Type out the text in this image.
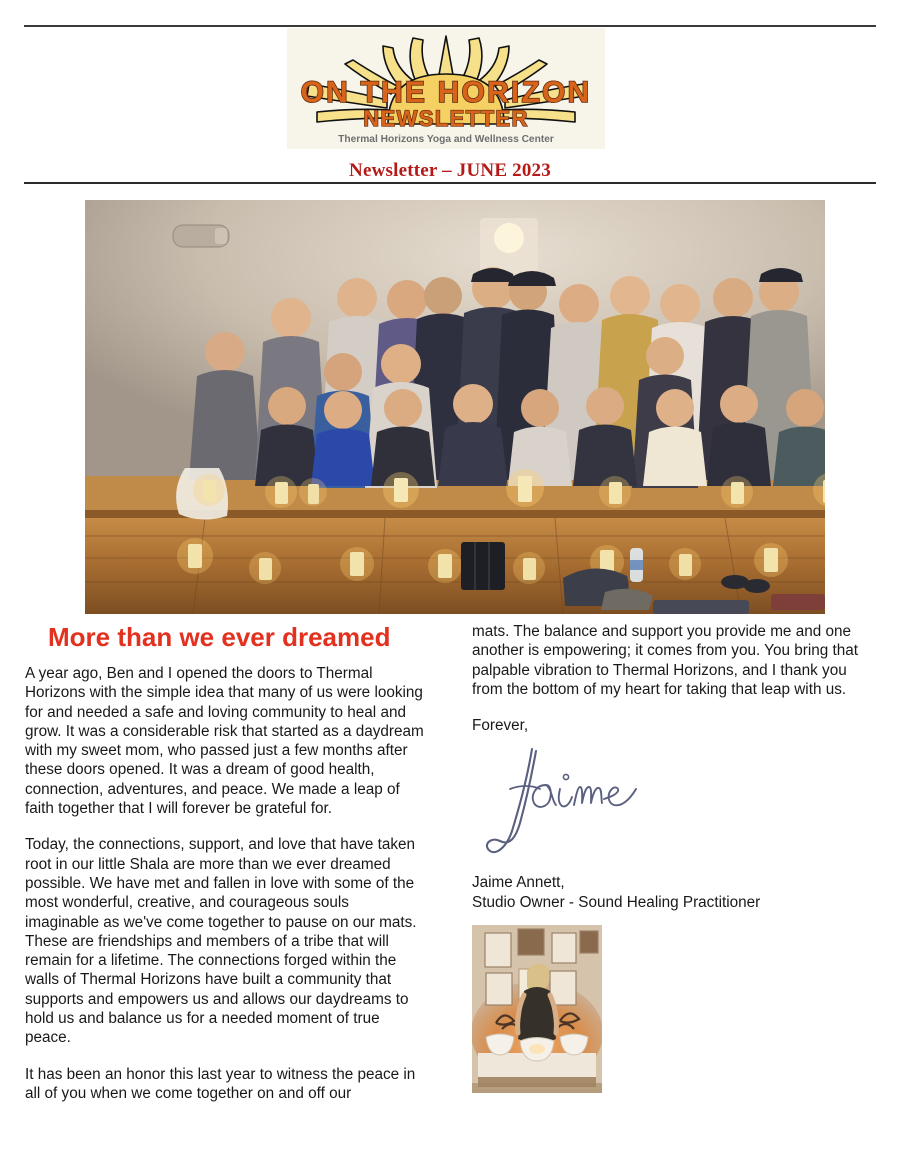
ON THE HORIZON
NEWSLETTER
Thermal Horizons Yoga and Wellness Center
Newsletter – JUNE 2023
More than we ever dreamed

A year ago, Ben and I opened the doors to Thermal Horizons with the simple idea that many of us were looking for and needed a safe and loving community to heal and grow. It was a considerable risk that started as a daydream with my sweet mom, who passed just a few months after these doors opened. It was a dream of good health, connection, adventures, and peace. We made a leap of faith together that I will forever be grateful for.

Today, the connections, support, and love that have taken root in our little Shala are more than we ever dreamed possible. We have met and fallen in love with some of the most wonderful, creative, and courageous souls imaginable as we've come together to pause on our mats. These are friendships and members of a tribe that will remain for a lifetime. The connections forged within the walls of Thermal Horizons have built a community that supports and empowers us and allows our daydreams to hold us and balance us for a needed moment of true peace.

It has been an honor this last year to witness the peace in all of you when we come together on and off our

mats. The balance and support you provide me and one another is empowering; it comes from you. You bring that palpable vibration to Thermal Horizons, and I thank you from the bottom of my heart for taking that leap with us.

Forever,

Jaime Annett,
Studio Owner - Sound Healing Practitioner
